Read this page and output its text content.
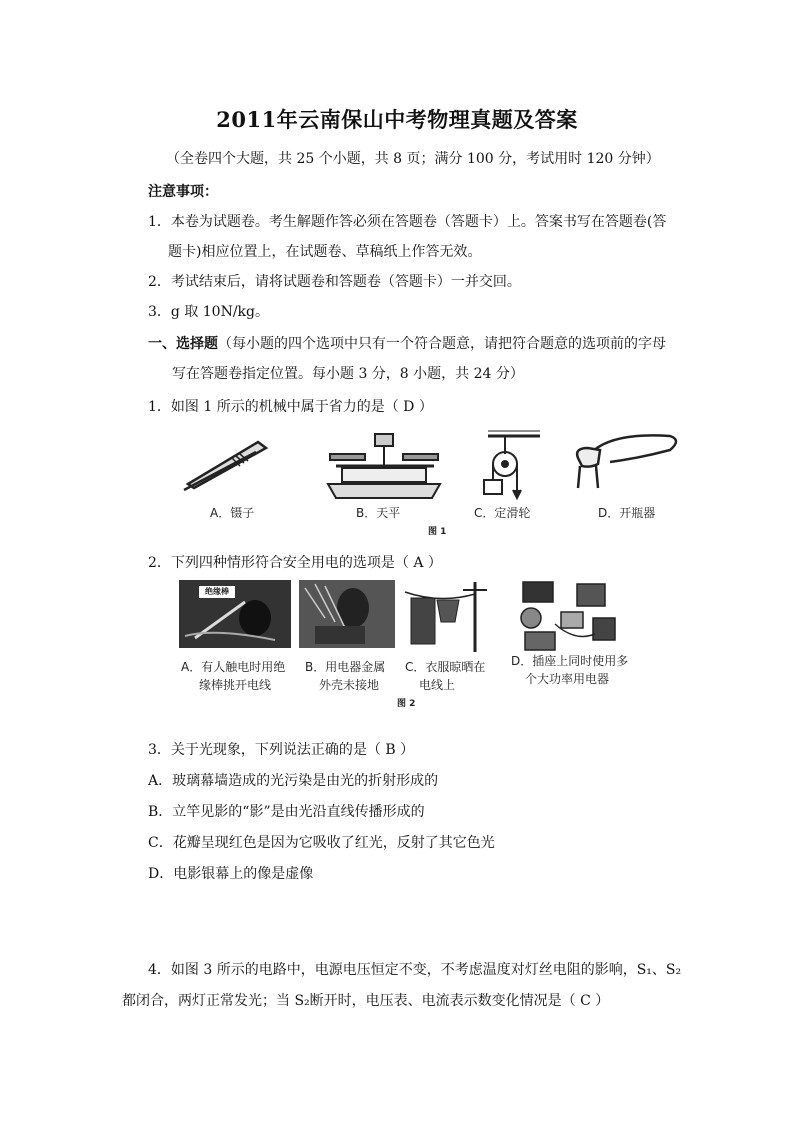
2011年云南保山中考物理真题及答案
（全卷四个大题，共 25 个小题，共 8 页；满分 100 分，考试用时 120 分钟）
注意事项：
1．本卷为试题卷。考生解题作答必须在答题卷（答题卡）上。答案书写在答题卷(答
题卡)相应位置上，在试题卷、草稿纸上作答无效。
2．考试结束后，请将试题卷和答题卷（答题卡）一并交回。
3．g 取 10N/kg。
一、选择题（每小题的四个选项中只有一个符合题意，请把符合题意的选项前的字母
写在答题卷指定位置。每小题 3 分，8 小题，共 24 分）
1．如图 1 所示的机械中属于省力的是（ D ）
A．镊子	B．天平	C．定滑轮	D．开瓶器
图 1
2．下列四种情形符合安全用电的选项是（ A ）
绝缘棒
A．有人触电时用绝
缘棒挑开电线
B．用电器金属
外壳未接地
C．衣服晾晒在
电线上
D．插座上同时使用多
个大功率用电器
图 2
3．关于光现象，下列说法正确的是（ B ）
A．玻璃幕墙造成的光污染是由光的折射形成的
B．立竿见影的“影”是由光沿直线传播形成的
C．花瓣呈现红色是因为它吸收了红光，反射了其它色光
D．电影银幕上的像是虚像
4．如图 3 所示的电路中，电源电压恒定不变，不考虑温度对灯丝电阻的影响，S₁、S₂
都闭合，两灯正常发光；当 S₂断开时，电压表、电流表示数变化情况是（ C ）
